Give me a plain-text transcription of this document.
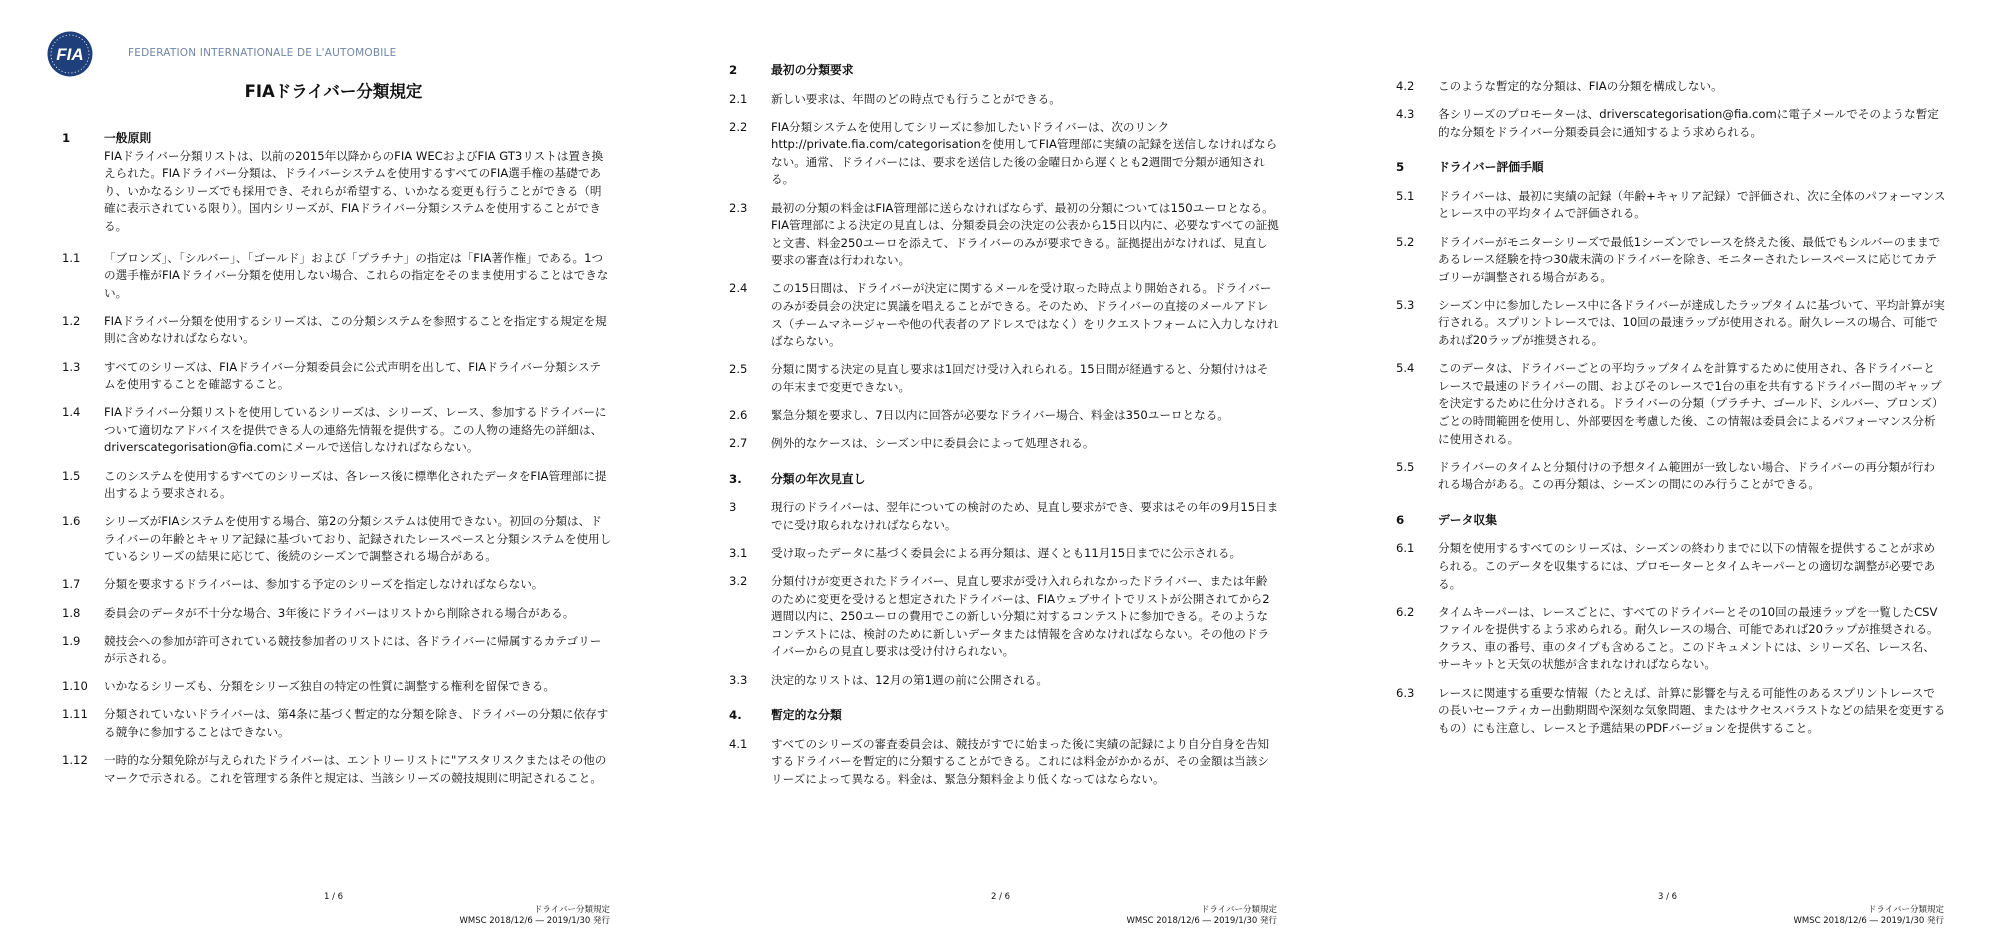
FIA	FEDERATION INTERNATIONALE DE L'AUTOMOBILE
FIAドライバー分類規定
1	一般原則
FIAドライバー分類リストは、以前の2015年以降からのFIA WECおよびFIA GT3リストは置き換えられた。FIAドライバー分類は、ドライバーシステムを使用するすべてのFIA選手権の基礎であり、いかなるシリーズでも採用でき、それらが希望する、いかなる変更も行うことができる（明確に表示されている限り）。国内シリーズが、FIAドライバー分類システムを使用することができる。
1.1	「ブロンズ」、「シルバー」、「ゴールド」および「プラチナ」の指定は「FIA著作権」である。1つの選手権がFIAドライバー分類を使用しない場合、これらの指定をそのまま使用することはできない。
1.2	FIAドライバー分類を使用するシリーズは、この分類システムを参照することを指定する規定を規則に含めなければならない。
1.3	すべてのシリーズは、FIAドライバー分類委員会に公式声明を出して、FIAドライバー分類システムを使用することを確認すること。
1.4	FIAドライバー分類リストを使用しているシリーズは、シリーズ、レース、参加するドライバーについて適切なアドバイスを提供できる人の連絡先情報を提供する。この人物の連絡先の詳細は、driverscategorisation@fia.comにメールで送信しなければならない。
1.5	このシステムを使用するすべてのシリーズは、各レース後に標準化されたデータをFIA管理部に提出するよう要求される。
1.6	シリーズがFIAシステムを使用する場合、第2の分類システムは使用できない。初回の分類は、ドライバーの年齢とキャリア記録に基づいており、記録されたレースペースと分類システムを使用しているシリーズの結果に応じて、後続のシーズンで調整される場合がある。
1.7	分類を要求するドライバーは、参加する予定のシリーズを指定しなければならない。
1.8	委員会のデータが不十分な場合、3年後にドライバーはリストから削除される場合がある。
1.9	競技会への参加が許可されている競技参加者のリストには、各ドライバーに帰属するカテゴリーが示される。
1.10	いかなるシリーズも、分類をシリーズ独自の特定の性質に調整する権利を留保できる。
1.11	分類されていないドライバーは、第4条に基づく暫定的な分類を除き、ドライバーの分類に依存する競争に参加することはできない。
1.12	一時的な分類免除が与えられたドライバーは、エントリーリストに"アスタリスクまたはその他のマークで示される。これを管理する条件と規定は、当該シリーズの競技規則に明記されること。
1 / 6
ドライバー分類規定
WMSC 2018/12/6 ― 2019/1/30 発行
2	最初の分類要求
2.1	新しい要求は、年間のどの時点でも行うことができる。
2.2	FIA分類システムを使用してシリーズに参加したいドライバーは、次のリンクhttp://private.fia.com/categorisationを使用してFIA管理部に実績の記録を送信しなければならない。通常、ドライバーには、要求を送信した後の金曜日から遅くとも2週間で分類が通知される。
2.3	最初の分類の料金はFIA管理部に送らなければならず、最初の分類については150ユーロとなる。FIA管理部による決定の見直しは、分類委員会の決定の公表から15日以内に、必要なすべての証拠と文書、料金250ユーロを添えて、ドライバーのみが要求できる。証拠提出がなければ、見直し要求の審査は行われない。
2.4	この15日間は、ドライバーが決定に関するメールを受け取った時点より開始される。ドライバーのみが委員会の決定に異議を唱えることができる。そのため、ドライバーの直接のメールアドレス（チームマネージャーや他の代表者のアドレスではなく）をリクエストフォームに入力しなければならない。
2.5	分類に関する決定の見直し要求は1回だけ受け入れられる。15日間が経過すると、分類付けはその年末まで変更できない。
2.6	緊急分類を要求し、7日以内に回答が必要なドライバー場合、料金は350ユーロとなる。
2.7	例外的なケースは、シーズン中に委員会によって処理される。
3.	分類の年次見直し
3	現行のドライバーは、翌年についての検討のため、見直し要求ができ、要求はその年の9月15日までに受け取られなければならない。
3.1	受け取ったデータに基づく委員会による再分類は、遅くとも11月15日までに公示される。
3.2	分類付けが変更されたドライバー、見直し要求が受け入れられなかったドライバー、または年齢のために変更を受けると想定されたドライバーは、FIAウェブサイトでリストが公開されてから2週間以内に、250ユーロの費用でこの新しい分類に対するコンテストに参加できる。そのようなコンテストには、検討のために新しいデータまたは情報を含めなければならない。その他のドライバーからの見直し要求は受け付けられない。
3.3	決定的なリストは、12月の第1週の前に公開される。
4.	暫定的な分類
4.1	すべてのシリーズの審査委員会は、競技がすでに始まった後に実績の記録により自分自身を告知するドライバーを暫定的に分類することができる。これには料金がかかるが、その金額は当該シリーズによって異なる。料金は、緊急分類料金より低くなってはならない。
2 / 6
ドライバー分類規定
WMSC 2018/12/6 ― 2019/1/30 発行
4.2	このような暫定的な分類は、FIAの分類を構成しない。
4.3	各シリーズのプロモーターは、driverscategorisation@fia.comに電子メールでそのような暫定的な分類をドライバー分類委員会に通知するよう求められる。
5	ドライバー評価手順
5.1	ドライバーは、最初に実績の記録（年齢+キャリア記録）で評価され、次に全体のパフォーマンスとレース中の平均タイムで評価される。
5.2	ドライバーがモニターシリーズで最低1シーズンでレースを終えた後、最低でもシルバーのままであるレース経験を持つ30歳未満のドライバーを除き、モニターされたレースペースに応じてカテゴリーが調整される場合がある。
5.3	シーズン中に参加したレース中に各ドライバーが達成したラップタイムに基づいて、平均計算が実行される。スプリントレースでは、10回の最速ラップが使用される。耐久レースの場合、可能であれば20ラップが推奨される。
5.4	このデータは、ドライバーごとの平均ラップタイムを計算するために使用され、各ドライバーとレースで最速のドライバーの間、およびそのレースで1台の車を共有するドライバー間のギャップを決定するために仕分けされる。ドライバーの分類（プラチナ、ゴールド、シルバー、ブロンズ）ごとの時間範囲を使用し、外部要因を考慮した後、この情報は委員会によるパフォーマンス分析に使用される。
5.5	ドライバーのタイムと分類付けの予想タイム範囲が一致しない場合、ドライバーの再分類が行われる場合がある。この再分類は、シーズンの間にのみ行うことができる。
6	データ収集
6.1	分類を使用するすべてのシリーズは、シーズンの終わりまでに以下の情報を提供することが求められる。このデータを収集するには、プロモーターとタイムキーパーとの適切な調整が必要である。
6.2	タイムキーパーは、レースごとに、すべてのドライバーとその10回の最速ラップを一覧したCSVファイルを提供するよう求められる。耐久レースの場合、可能であれば20ラップが推奨される。クラス、車の番号、車のタイプも含めること。このドキュメントには、シリーズ名、レース名、サーキットと天気の状態が含まれなければならない。
6.3	レースに関連する重要な情報（たとえば、計算に影響を与える可能性のあるスプリントレースでの長いセーフティカー出動期間や深刻な気象問題、またはサクセスバラストなどの結果を変更するもの）にも注意し、レースと予選結果のPDFバージョンを提供すること。
3 / 6
ドライバー分類規定
WMSC 2018/12/6 ― 2019/1/30 発行
